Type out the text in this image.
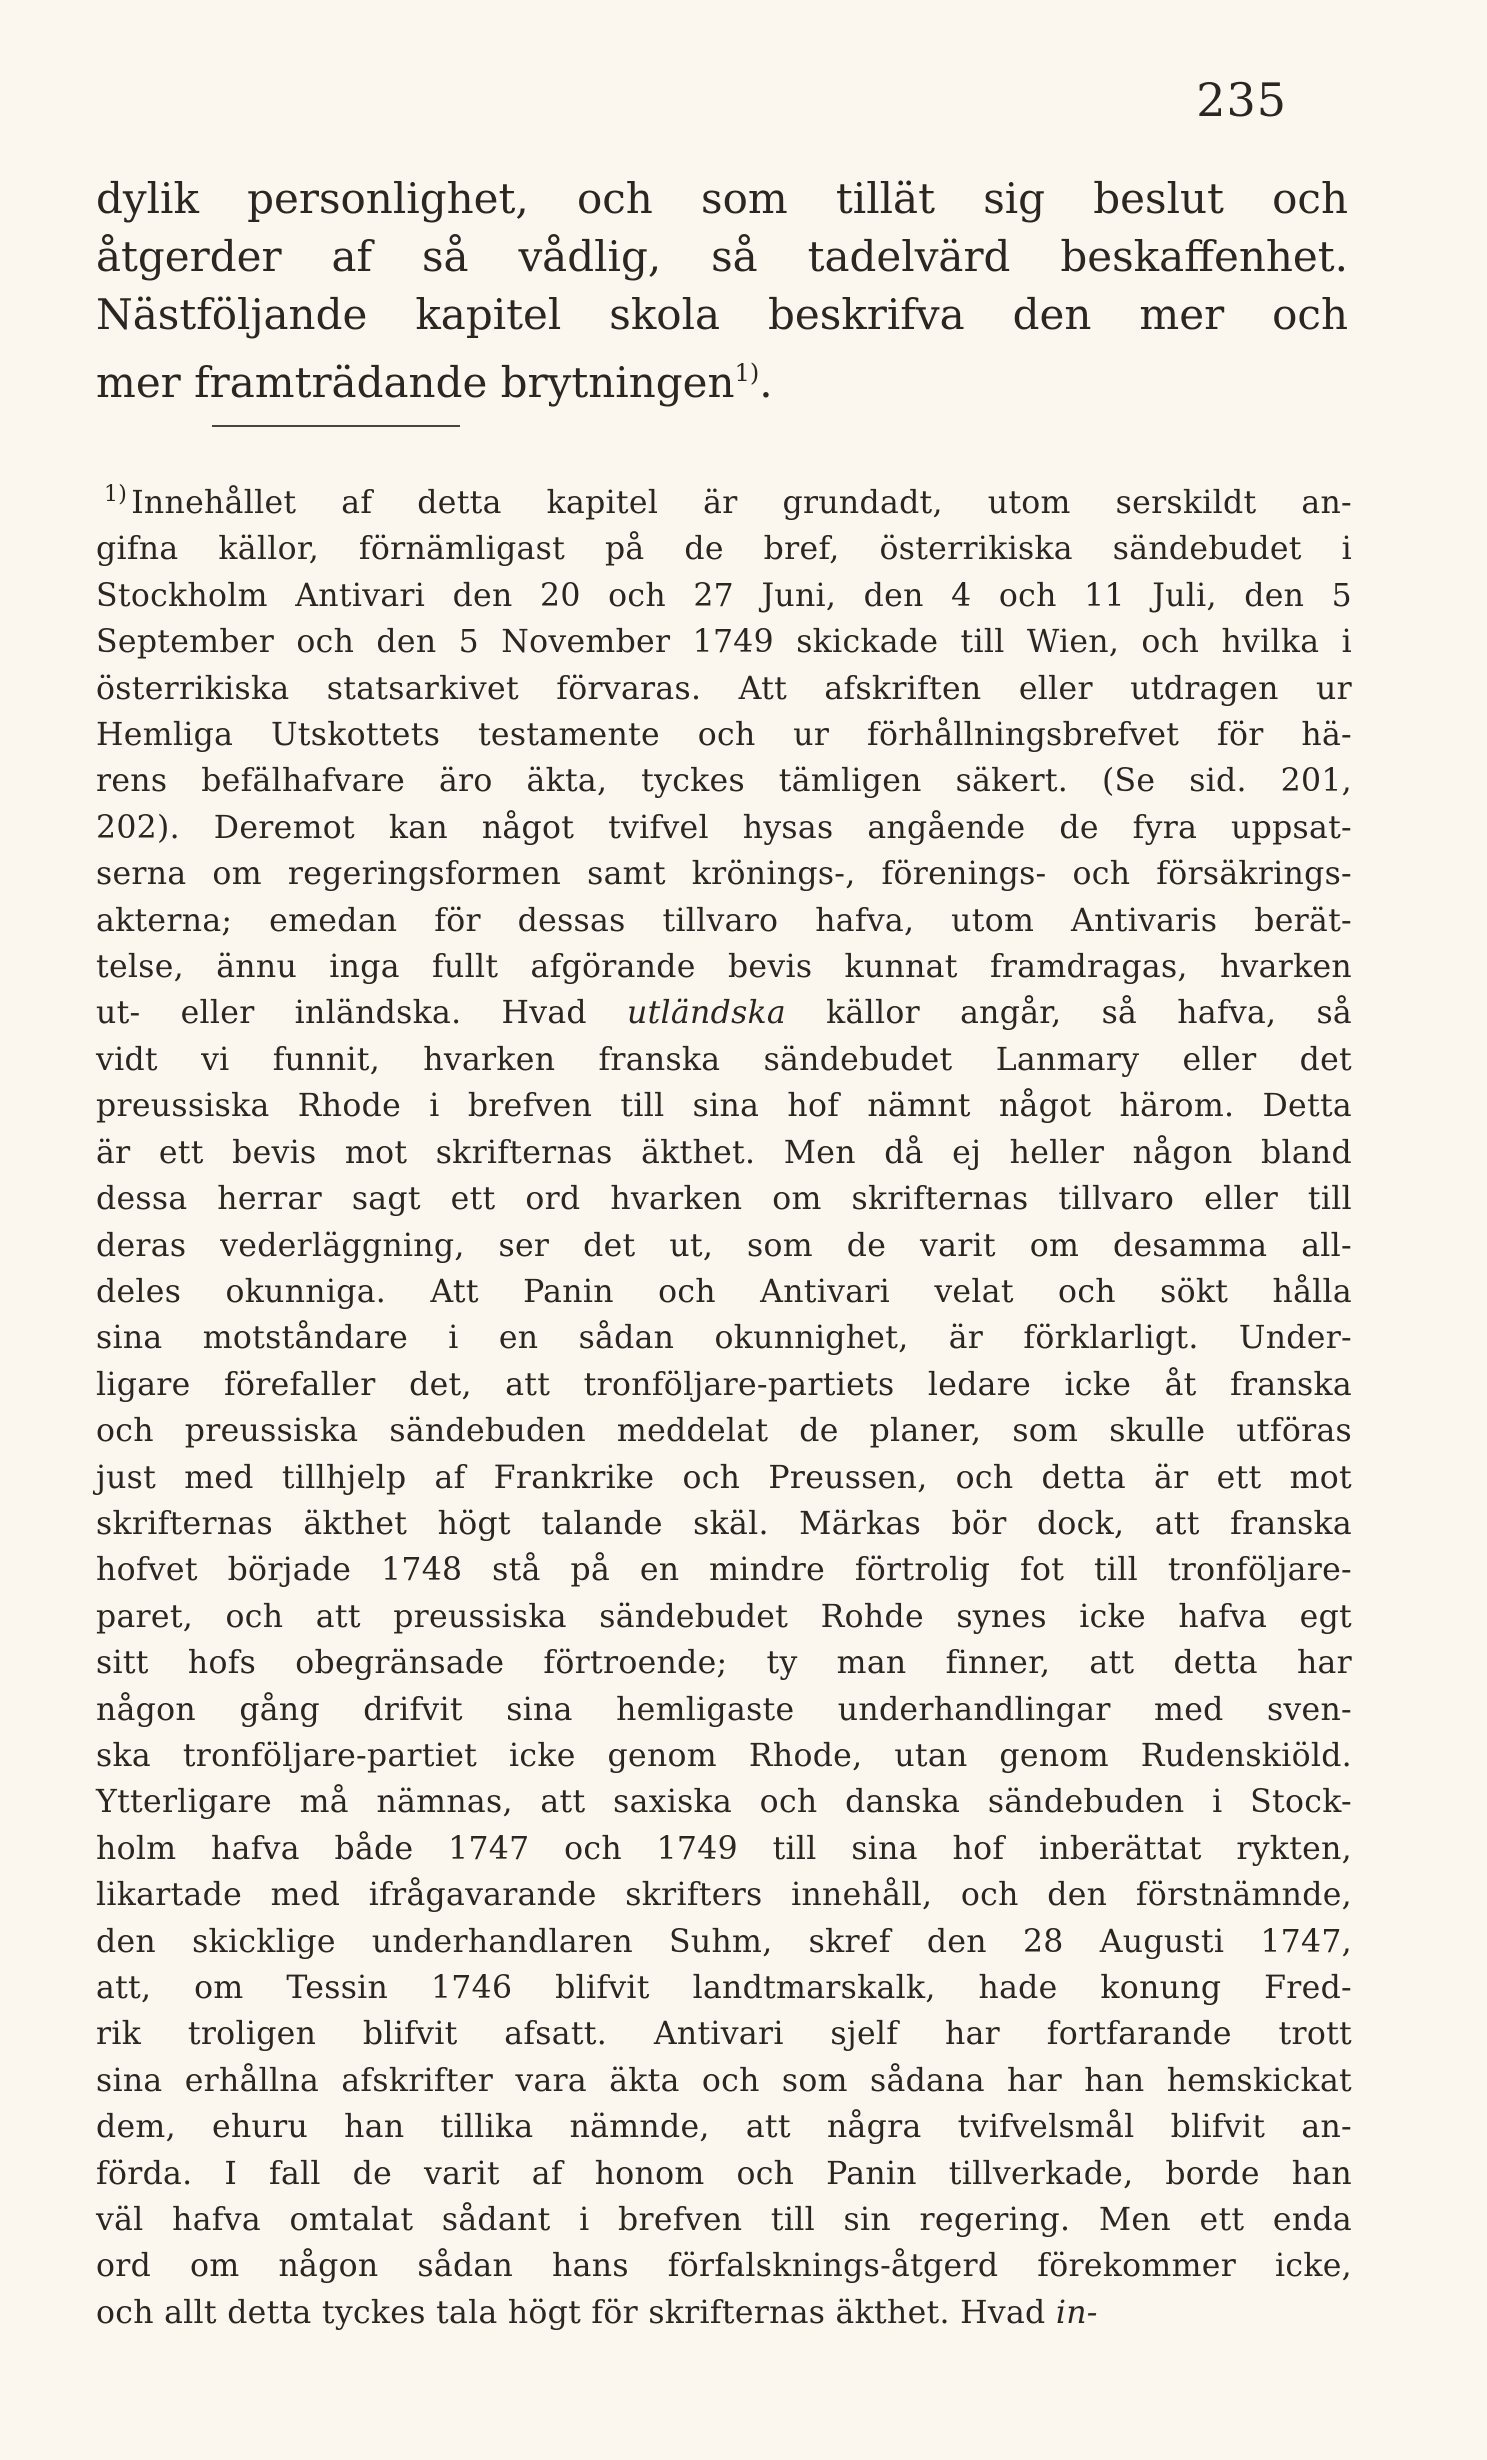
235
dylik personlighet, och som tillät sig beslut och
åtgerder af så vådlig, så tadelvärd beskaffenhet.
Nästföljande kapitel skola beskrifva den mer och
mer framträdande brytningen$^{1)}$.
$^{1)}$ Innehållet af detta kapitel är grundadt, utom serskildt an-
gifna källor, förnämligast på de bref, österrikiska sändebudet i
Stockholm Antivari den 20 och 27 Juni, den 4 och 11 Juli, den 5
September och den 5 November 1749 skickade till Wien, och hvilka i
österrikiska statsarkivet förvaras. Att afskriften eller utdragen ur
Hemliga Utskottets testamente och ur förhållningsbrefvet för hä-
rens befälhafvare äro äkta, tyckes tämligen säkert. (Se sid. 201,
202). Deremot kan något tvifvel hysas angående de fyra uppsat-
serna om regeringsformen samt krönings-, förenings- och försäkrings-
akterna; emedan för dessas tillvaro hafva, utom Antivaris berät-
telse, ännu inga fullt afgörande bevis kunnat framdragas, hvarken
ut- eller inländska. Hvad utländska källor angår, så hafva, så
vidt vi funnit, hvarken franska sändebudet Lanmary eller det
preussiska Rhode i brefven till sina hof nämnt något härom. Detta
är ett bevis mot skrifternas äkthet. Men då ej heller någon bland
dessa herrar sagt ett ord hvarken om skrifternas tillvaro eller till
deras vederläggning, ser det ut, som de varit om desamma all-
deles okunniga. Att Panin och Antivari velat och sökt hålla
sina motståndare i en sådan okunnighet, är förklarligt. Under-
ligare förefaller det, att tronföljare-partiets ledare icke åt franska
och preussiska sändebuden meddelat de planer, som skulle utföras
just med tillhjelp af Frankrike och Preussen, och detta är ett mot
skrifternas äkthet högt talande skäl. Märkas bör dock, att franska
hofvet började 1748 stå på en mindre förtrolig fot till tronföljare-
paret, och att preussiska sändebudet Rohde synes icke hafva egt
sitt hofs obegränsade förtroende; ty man finner, att detta har
någon gång drifvit sina hemligaste underhandlingar med sven-
ska tronföljare-partiet icke genom Rhode, utan genom Rudenskiöld.
Ytterligare må nämnas, att saxiska och danska sändebuden i Stock-
holm hafva både 1747 och 1749 till sina hof inberättat rykten,
likartade med ifrågavarande skrifters innehåll, och den förstnämnde,
den skicklige underhandlaren Suhm, skref den 28 Augusti 1747,
att, om Tessin 1746 blifvit landtmarskalk, hade konung Fred-
rik troligen blifvit afsatt. Antivari sjelf har fortfarande trott
sina erhållna afskrifter vara äkta och som sådana har han hemskickat
dem, ehuru han tillika nämnde, att några tvifvelsmål blifvit an-
förda. I fall de varit af honom och Panin tillverkade, borde han
väl hafva omtalat sådant i brefven till sin regering. Men ett enda
ord om någon sådan hans förfalsknings-åtgerd förekommer icke,
och allt detta tyckes tala högt för skrifternas äkthet. Hvad in-
